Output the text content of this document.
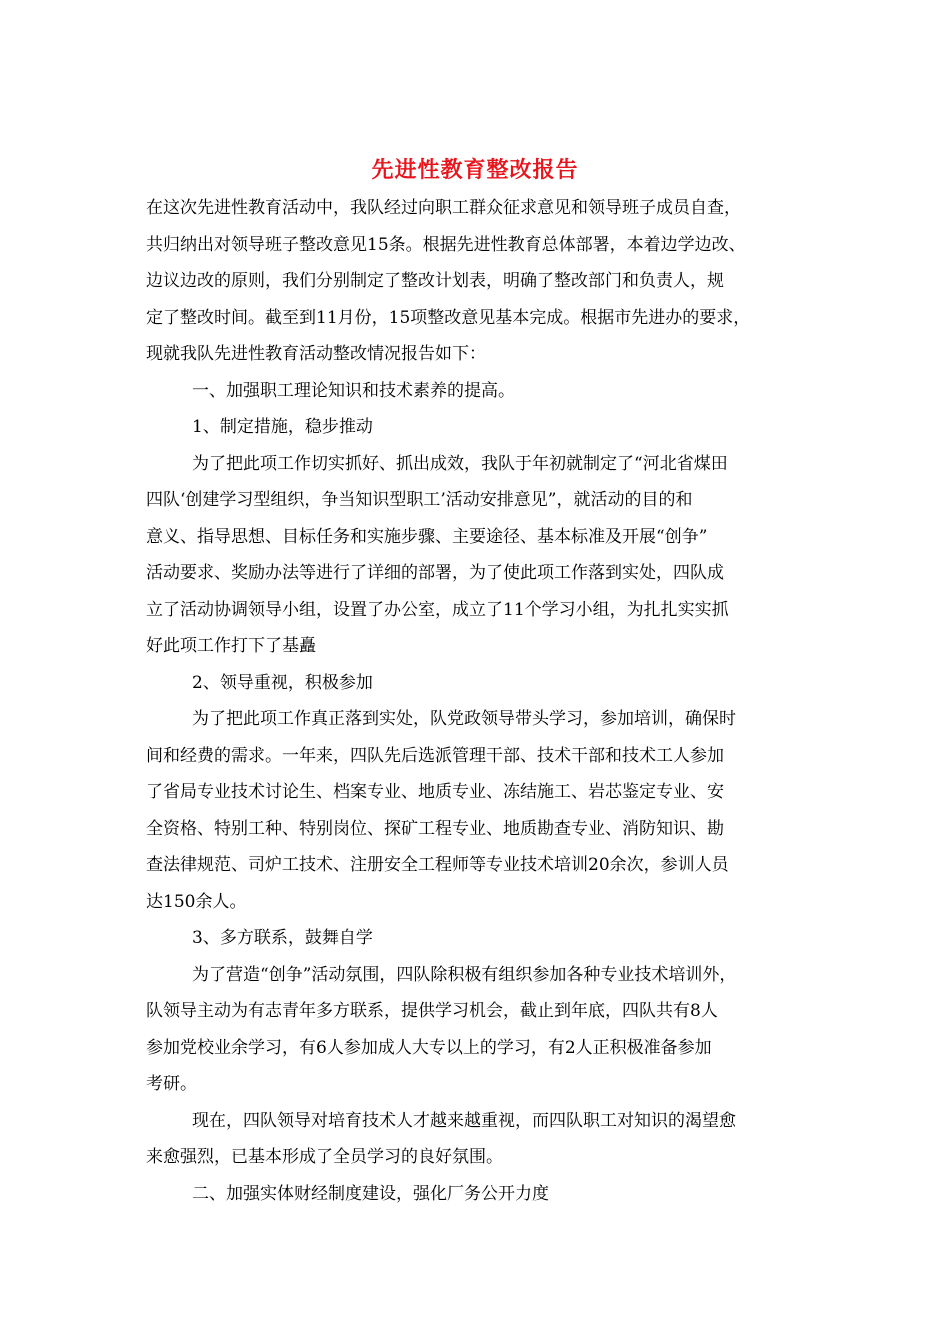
先进性教育整改报告
在这次先进性教育活动中，我队经过向职工群众征求意见和领导班子成员自查，
共归纳出对领导班子整改意见15条。根据先进性教育总体部署，本着边学边改、
边议边改的原则，我们分别制定了整改计划表，明确了整改部门和负责人，规
定了整改时间。截至到11月份，15项整改意见基本完成。根据市先进办的要求，
现就我队先进性教育活动整改情况报告如下：
一、加强职工理论知识和技术素养的提高。
1、制定措施，稳步推动
为了把此项工作切实抓好、抓出成效，我队于年初就制定了“河北省煤田
四队‘创建学习型组织，争当知识型职工’活动安排意见”，就活动的目的和
意义、指导思想、目标任务和实施步骤、主要途径、基本标准及开展“创争”
活动要求、奖励办法等进行了详细的部署，为了使此项工作落到实处，四队成
立了活动协调领导小组，设置了办公室，成立了11个学习小组，为扎扎实实抓
好此项工作打下了基矗
2、领导重视，积极参加
为了把此项工作真正落到实处，队党政领导带头学习，参加培训，确保时
间和经费的需求。一年来，四队先后选派管理干部、技术干部和技术工人参加
了省局专业技术讨论生、档案专业、地质专业、冻结施工、岩芯鉴定专业、安
全资格、特别工种、特别岗位、探矿工程专业、地质勘查专业、消防知识、勘
查法律规范、司炉工技术、注册安全工程师等专业技术培训20余次，参训人员
达150余人。
3、多方联系，鼓舞自学
为了营造“创争”活动氛围，四队除积极有组织参加各种专业技术培训外，
队领导主动为有志青年多方联系，提供学习机会，截止到年底，四队共有8人
参加党校业余学习，有6人参加成人大专以上的学习，有2人正积极准备参加
考研。
现在，四队领导对培育技术人才越来越重视，而四队职工对知识的渴望愈
来愈强烈，已基本形成了全员学习的良好氛围。
二、加强实体财经制度建设，强化厂务公开力度
